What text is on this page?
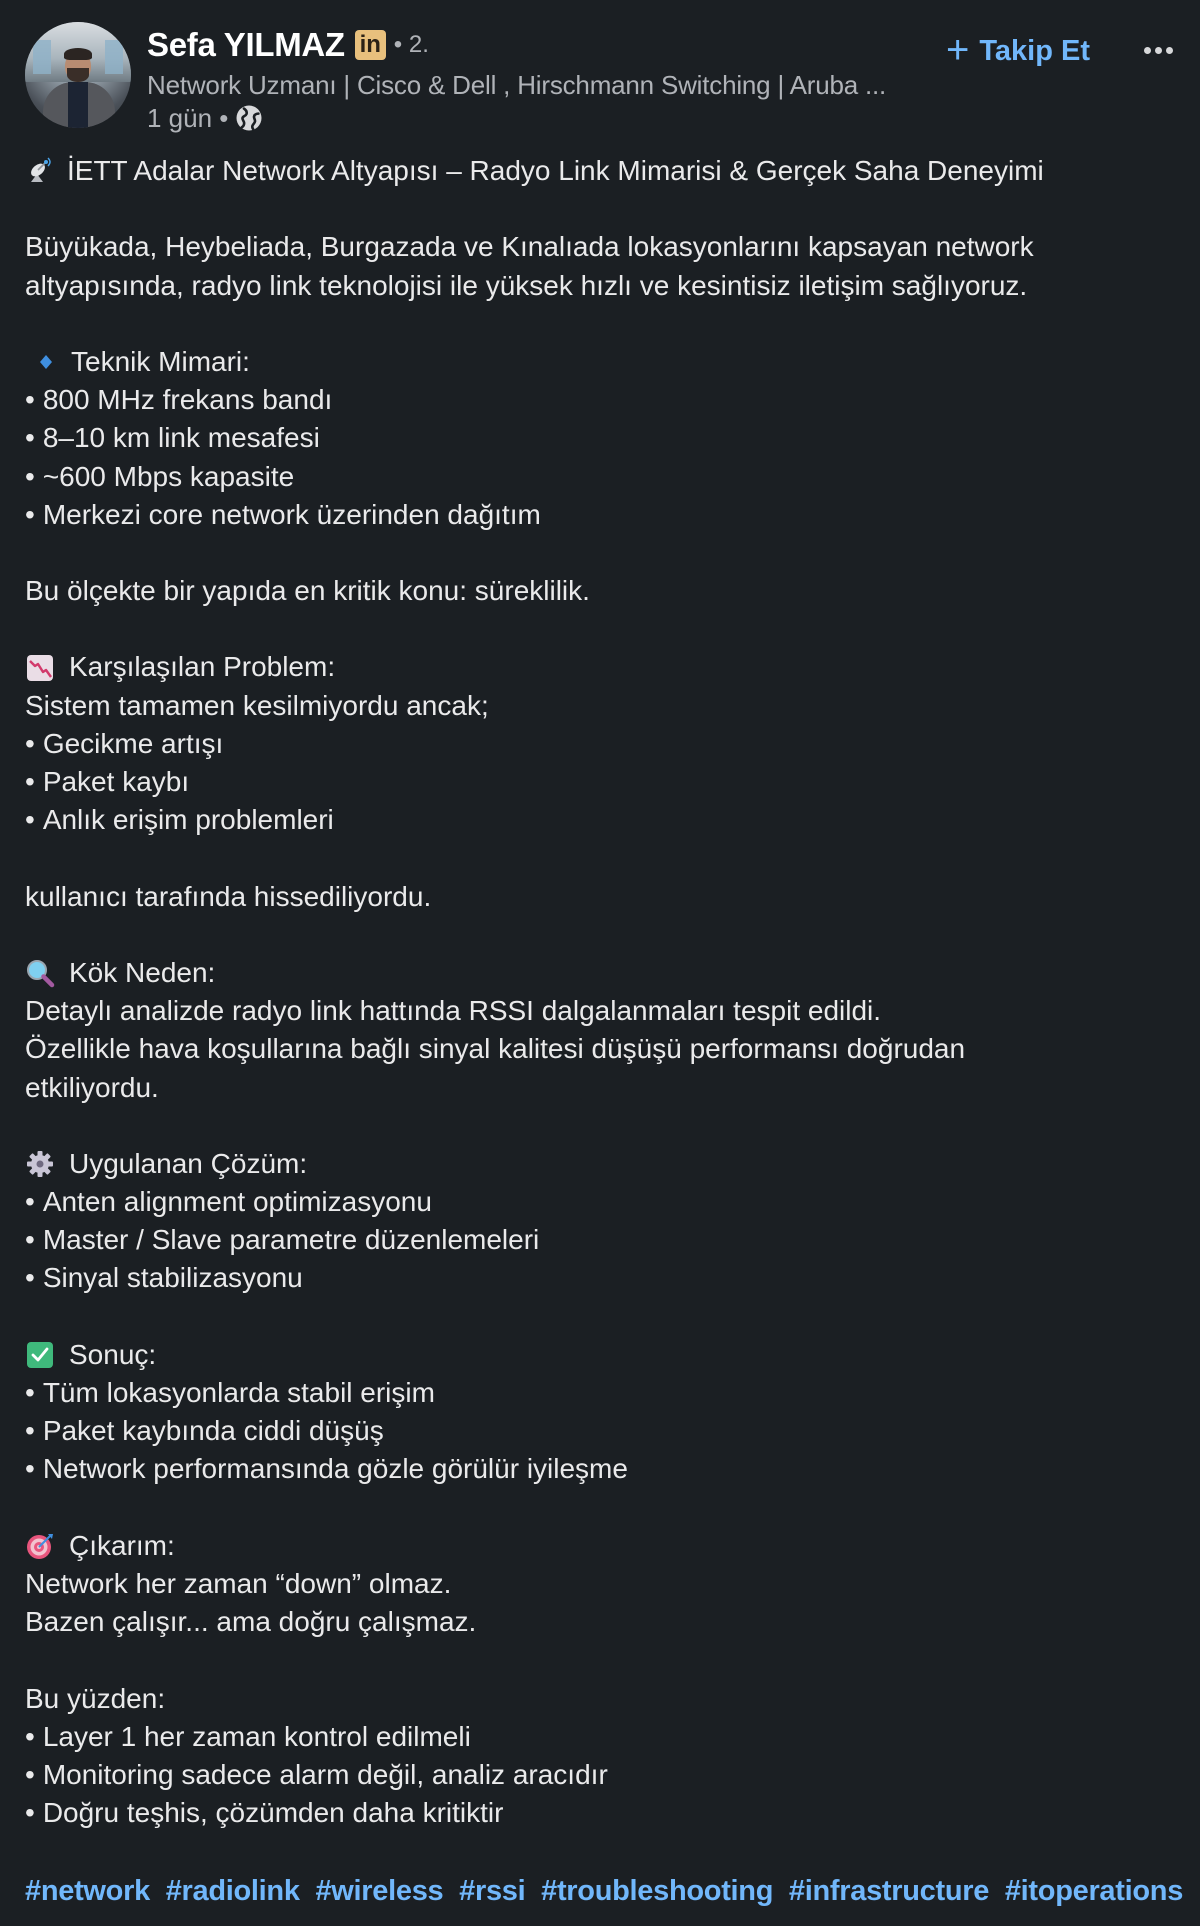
Sefa YILMAZ in • 2.
Network Uzmanı | Cisco & Dell , Hirschmann Switching | Aruba ...
1 gün •
+ Takip Et
İETT Adalar Network Altyapısı – Radyo Link Mimarisi & Gerçek Saha Deneyimi
Büyükada, Heybeliada, Burgazada ve Kınalıada lokasyonlarını kapsayan network
altyapısında, radyo link teknolojisi ile yüksek hızlı ve kesintisiz iletişim sağlıyoruz.
Teknik Mimari:
• 800 MHz frekans bandı
• 8–10 km link mesafesi
• ~600 Mbps kapasite
• Merkezi core network üzerinden dağıtım
Bu ölçekte bir yapıda en kritik konu: süreklilik.
Karşılaşılan Problem:
Sistem tamamen kesilmiyordu ancak;
• Gecikme artışı
• Paket kaybı
• Anlık erişim problemleri
kullanıcı tarafında hissediliyordu.
Kök Neden:
Detaylı analizde radyo link hattında RSSI dalgalanmaları tespit edildi.
Özellikle hava koşullarına bağlı sinyal kalitesi düşüşü performansı doğrudan
etkiliyordu.
Uygulanan Çözüm:
• Anten alignment optimizasyonu
• Master / Slave parametre düzenlemeleri
• Sinyal stabilizasyonu
Sonuç:
• Tüm lokasyonlarda stabil erişim
• Paket kaybında ciddi düşüş
• Network performansında gözle görülür iyileşme
Çıkarım:
Network her zaman “down” olmaz.
Bazen çalışır... ama doğru çalışmaz.
Bu yüzden:
• Layer 1 her zaman kontrol edilmeli
• Monitoring sadece alarm değil, analiz aracıdır
• Doğru teşhis, çözümden daha kritiktir
#network #radiolink #wireless #rssi #troubleshooting #infrastructure #itoperations
